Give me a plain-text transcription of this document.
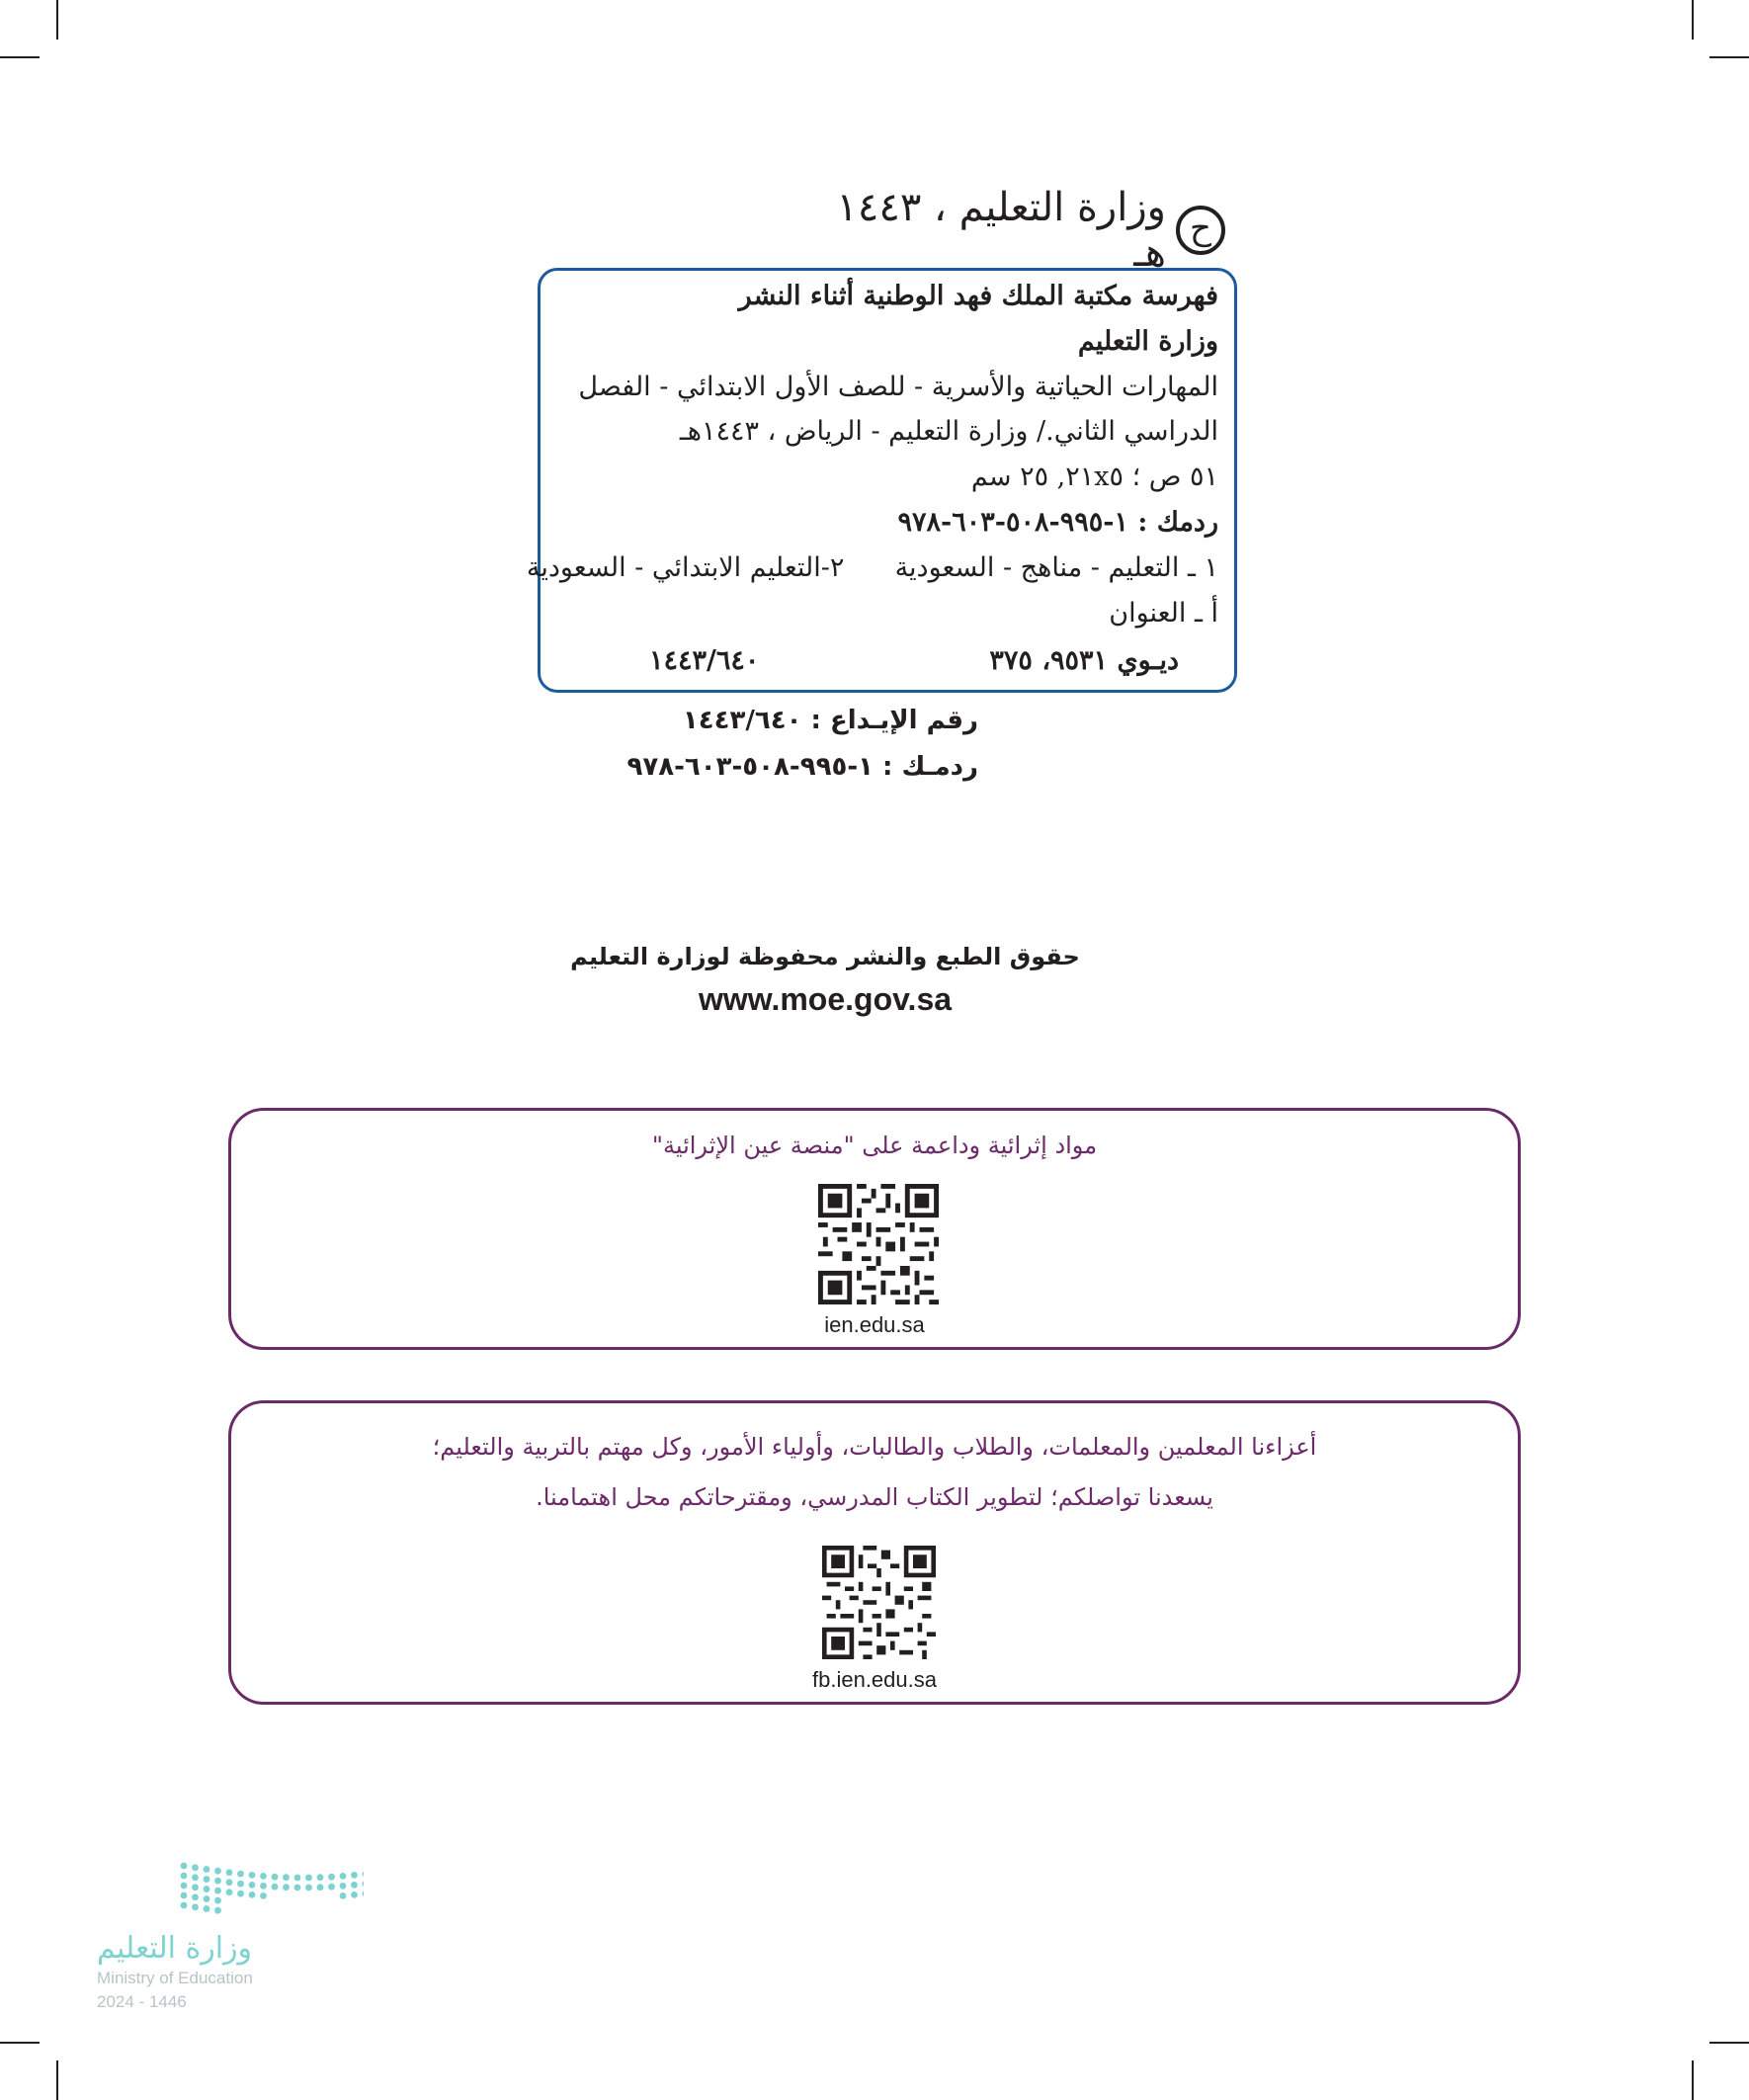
ح
وزارة التعليم ، ١٤٤٣ هـ
فهرسة مكتبة الملك فهد الوطنية أثناء النشر
وزارة التعليم
المهارات الحياتية والأسرية - للصف الأول الابتدائي - الفصل
الدراسي الثاني./ وزارة التعليم - الرياض ، ١٤٤٣هـ
٥١ ص ؛ ٢١x٥, ٢٥ سم
ردمك : ١-٩٩٥-٥٠٨-٦٠٣-٩٧٨
١ ـ التعليم - مناهج - السعودية  ٢-التعليم الابتدائي - السعودية
أ ـ العنوان
ديـوي ٩٥٣١، ٣٧٥
١٤٤٣/٦٤٠
رقم الإيـداع : ١٤٤٣/٦٤٠
ردمـك : ١-٩٩٥-٥٠٨-٦٠٣-٩٧٨
حقوق الطبع والنشر محفوظة لوزارة التعليم
www.moe.gov.sa
مواد إثرائية وداعمة على "منصة عين الإثرائية"
ien.edu.sa
أعزاءنا المعلمين والمعلمات، والطلاب والطالبات، وأولياء الأمور، وكل مهتم بالتربية والتعليم؛
يسعدنا تواصلكم؛ لتطوير الكتاب المدرسي، ومقترحاتكم محل اهتمامنا.
fb.ien.edu.sa
وزارة التعليم
Ministry of Education
2024 - 1446
